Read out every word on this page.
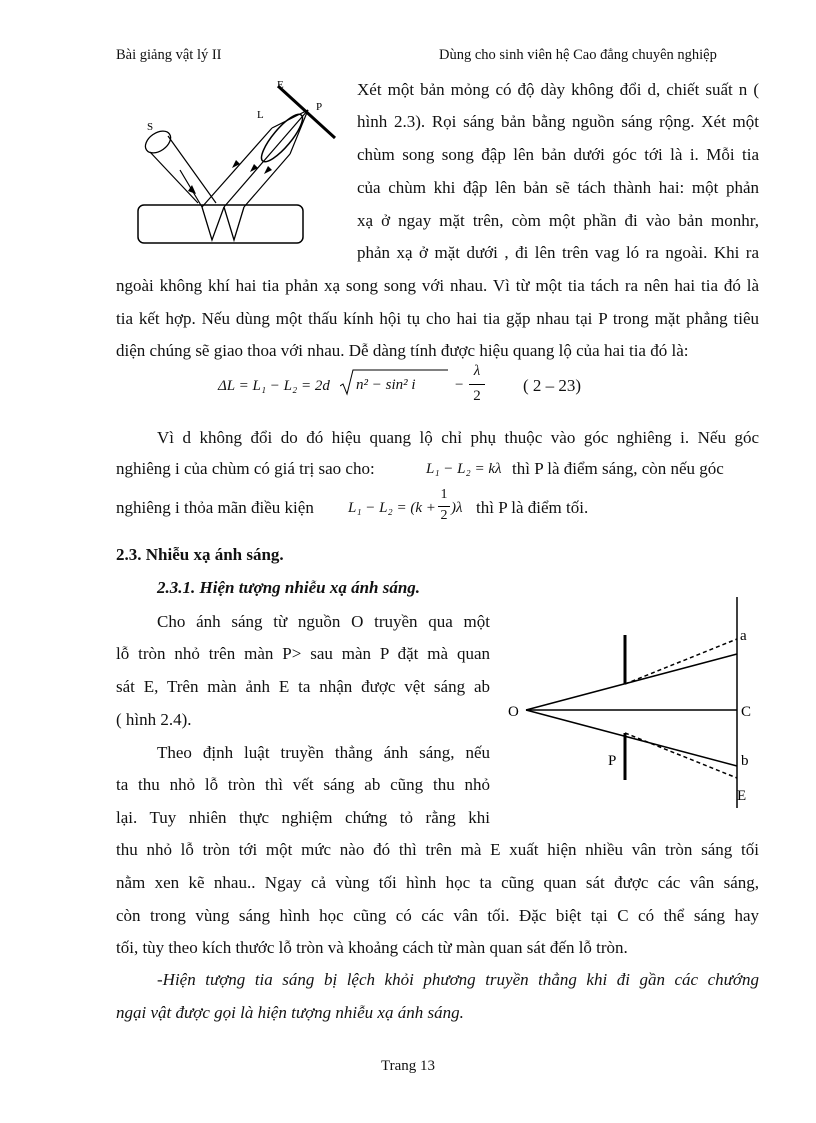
Bài giảng vật lý II	Dùng cho sinh viên hệ Cao đẳng chuyên nghiệp
E
L
P
S
Xét một bản mỏng có độ dày không đổi d, chiết suất n (
hình 2.3). Rọi sáng bản bằng nguồn sáng rộng. Xét một
chùm song song đập lên bản dưới góc tới là i. Mỗi tia
của chùm khi đập lên bản sẽ tách thành hai: một phản
xạ ở ngay mặt trên, còm một phần đi vào bản monhr,
phản xạ ở mặt dưới , đi lên trên vag ló ra ngoài. Khi ra
ngoài không khí hai tia phản xạ song song với nhau. Vì từ một tia tách ra nên hai tia đó là
tia kết hợp. Nếu dùng một thấu kính hội tụ cho hai tia gặp nhau tại P trong mặt phẳng tiêu
diện chúng sẽ giao thoa với nhau. Dễ dàng tính được hiệu quang lộ của hai tia đó là:
ΔL = L₁ − L₂ = 2d n² − sin² i	−
λ
2
( 2 – 23)
Vì d không đổi do đó hiệu quang lộ chỉ phụ thuộc vào góc nghiêng i. Nếu góc
nghiêng i của chùm có giá trị sao cho:	L₁ − L₂ = kλ thì P là điểm sáng, còn nếu góc
nghiêng i thỏa mãn điều kiện L₁ − L₂ = (k +
1
2 )λ thì P là điểm tối.
2.3. Nhiễu xạ ánh sáng.
2.3.1. Hiện tượng nhiễu xạ ánh sáng.
Cho ánh sáng từ nguồn O truyền qua một
lỗ tròn nhỏ trên màn P> sau màn P đặt mà quan
sát E, Trên màn ảnh E ta nhận được vệt sáng ab
( hình 2.4).
Theo định luật truyền thẳng ánh sáng, nếu
ta thu nhỏ lỗ tròn thì vết sáng ab cũng thu nhỏ
lại. Tuy nhiên thực nghiệm chứng tỏ rằng khi
thu nhỏ lỗ tròn tới một mức nào đó thì trên mà E xuất hiện nhiều vân tròn sáng tối
nằm xen kẽ nhau.. Ngay cả vùng tối hình học ta cũng quan sát được các vân sáng,
còn trong vùng sáng hình học cũng có các vân tối. Đặc biệt tại C có thể sáng hay
tối, tùy theo kích thước lỗ tròn và khoảng cách từ màn quan sát đến lỗ tròn.
-Hiện tượng tia sáng bị lệch khỏi phương truyền thẳng khi đi gần các chướng
ngại vật được gọi là hiện tượng nhiễu xạ ánh sáng.
O
P
a
C
b
E
Trang 13
